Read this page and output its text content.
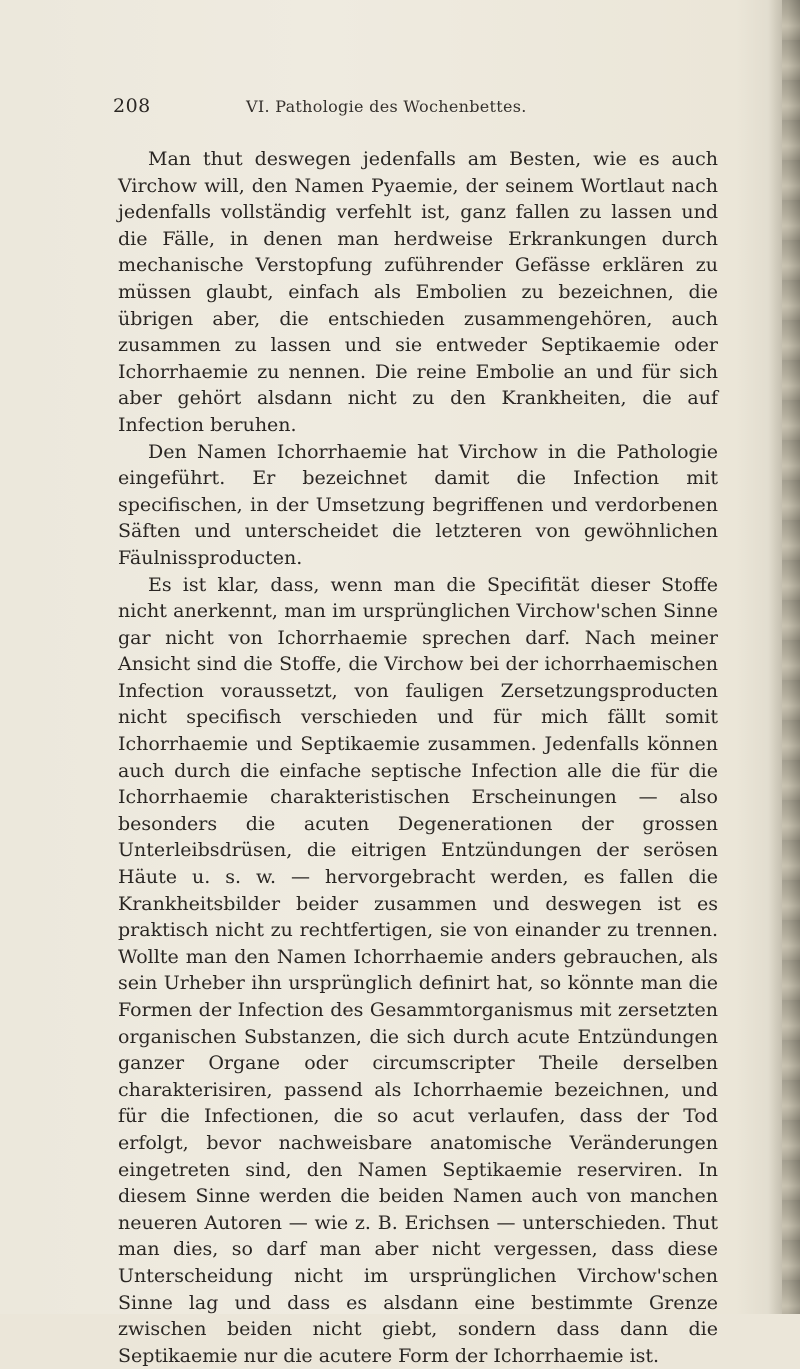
208	VI. Pathologie des Wochenbettes.

Man thut deswegen jedenfalls am Besten, wie es auch Virchow will, den Namen Pyaemie, der seinem Wortlaut nach jedenfalls vollständig verfehlt ist, ganz fallen zu lassen und die Fälle, in denen man herdweise Erkrankungen durch mechanische Verstopfung zuführender Gefässe erklären zu müssen glaubt, einfach als Embolien zu bezeichnen, die übrigen aber, die entschieden zusammengehören, auch zusammen zu lassen und sie entweder Septikaemie oder Ichorrhaemie zu nennen. Die reine Embolie an und für sich aber gehört alsdann nicht zu den Krankheiten, die auf Infection beruhen.

Den Namen Ichorrhaemie hat Virchow in die Pathologie eingeführt. Er bezeichnet damit die Infection mit specifischen, in der Umsetzung begriffenen und verdorbenen Säften und unterscheidet die letzteren von gewöhnlichen Fäulnissproducten.

Es ist klar, dass, wenn man die Specifität dieser Stoffe nicht anerkennt, man im ursprünglichen Virchow'schen Sinne gar nicht von Ichorrhaemie sprechen darf. Nach meiner Ansicht sind die Stoffe, die Virchow bei der ichorrhaemischen Infection voraussetzt, von fauligen Zersetzungsproducten nicht specifisch verschieden und für mich fällt somit Ichorrhaemie und Septikaemie zusammen. Jedenfalls können auch durch die einfache septische Infection alle die für die Ichorrhaemie charakteristischen Erscheinungen — also besonders die acuten Degenerationen der grossen Unterleibsdrüsen, die eitrigen Entzündungen der serösen Häute u. s. w. — hervorgebracht werden, es fallen die Krankheitsbilder beider zusammen und deswegen ist es praktisch nicht zu rechtfertigen, sie von einander zu trennen. Wollte man den Namen Ichorrhaemie anders gebrauchen, als sein Urheber ihn ursprünglich definirt hat, so könnte man die Formen der Infection des Gesammtorganismus mit zersetzten organischen Substanzen, die sich durch acute Entzündungen ganzer Organe oder circumscripter Theile derselben charakterisiren, passend als Ichorrhaemie bezeichnen, und für die Infectionen, die so acut verlaufen, dass der Tod erfolgt, bevor nachweisbare anatomische Veränderungen eingetreten sind, den Namen Septikaemie reserviren. In diesem Sinne werden die beiden Namen auch von manchen neueren Autoren — wie z. B. Erichsen — unterschieden. Thut man dies, so darf man aber nicht vergessen, dass diese Unterscheidung nicht im ursprünglichen Virchow'schen Sinne lag und dass es alsdann eine bestimmte Grenze zwischen beiden nicht giebt, sondern dass dann die Septikaemie nur die acutere Form der Ichorrhaemie ist.
